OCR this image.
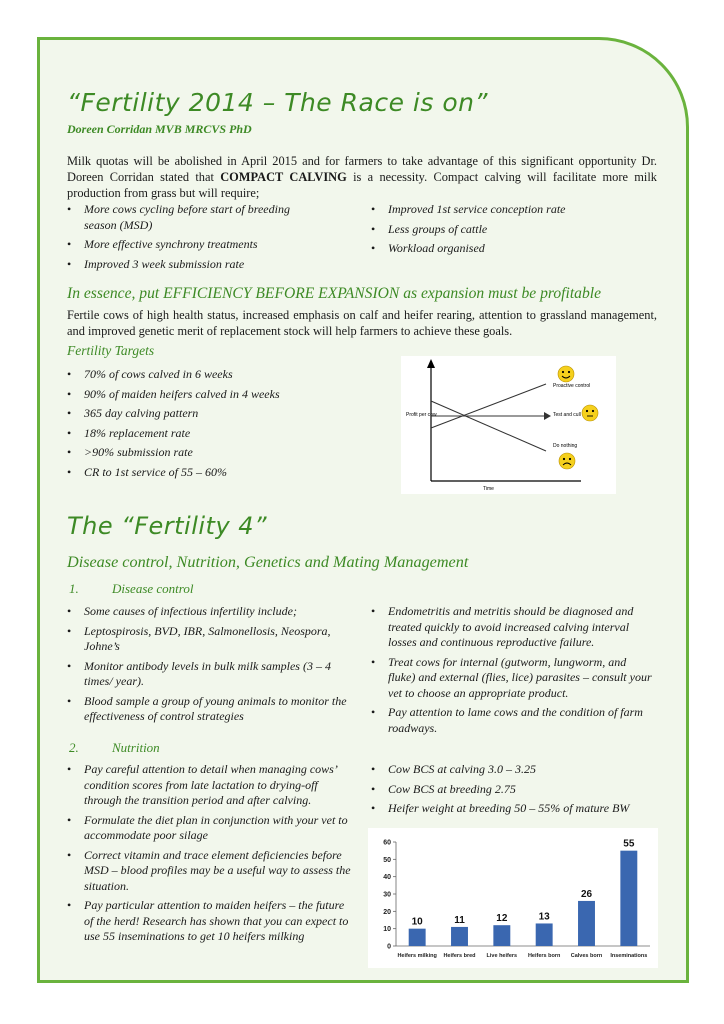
“Fertility 2014 – The Race is on”
Doreen Corridan MVB MRCVS PhD
Milk quotas will be abolished in April 2015 and for farmers to take advantage of this significant opportunity Dr. Doreen Corridan stated that COMPACT CALVING is a necessity. Compact calving will facilitate more milk production from grass but will require;
• More cows cycling before start of breeding season (MSD)
• More effective synchrony treatments
• Improved 3 week submission rate
• Improved 1st service conception rate
• Less groups of cattle
• Workload organised
In essence, put EFFICIENCY BEFORE EXPANSION as expansion must be profitable
Fertile cows of high health status, increased emphasis on calf and heifer rearing, attention to grassland management, and improved genetic merit of replacement stock will help farmers to achieve these goals.
Fertility Targets
• 70% of cows calved in 6 weeks
• 90% of maiden heifers calved in 4 weeks
• 365 day calving pattern
• 18% replacement rate
• >90% submission rate
• CR to 1st service of 55 – 60%
Profit per cow
Time
Proactive control
Test and cull
Do nothing
The “Fertility 4”
Disease control, Nutrition, Genetics and Mating Management
1.	Disease control
• Some causes of infectious infertility include;
• Leptospirosis, BVD, IBR, Salmonellosis, Neospora, Johne’s
• Monitor antibody levels in bulk milk samples (3 – 4 times/ year).
• Blood sample a group of young animals to monitor the effectiveness of control strategies
• Endometritis and metritis should be diagnosed and treated quickly to avoid increased calving interval losses and continuous reproductive failure.
• Treat cows for internal (gutworm, lungworm, and fluke) and external (flies, lice) parasites – consult your vet to choose an appropriate product.
• Pay attention to lame cows and the condition of farm roadways.
2.	Nutrition
• Pay careful attention to detail when managing cows’ condition scores from late lactation to drying-off through the transition period and after calving.
• Formulate the diet plan in conjunction with your vet to accommodate poor silage
• Correct vitamin and trace element deficiencies before MSD – blood profiles may be a useful way to assess the situation.
• Pay particular attention to maiden heifers – the future of the herd! Research has shown that you can expect to use 55 inseminations to get 10 heifers milking
• Cow BCS at calving 3.0 – 3.25
• Cow BCS at breeding 2.75
• Heifer weight at breeding 50 – 55% of mature BW
0
10
20
30
40
50
60
10
Heifers milking
11
Heifers bred
12
Live heifers
13
Heifers born
26
Calves born
55
Inseminations
